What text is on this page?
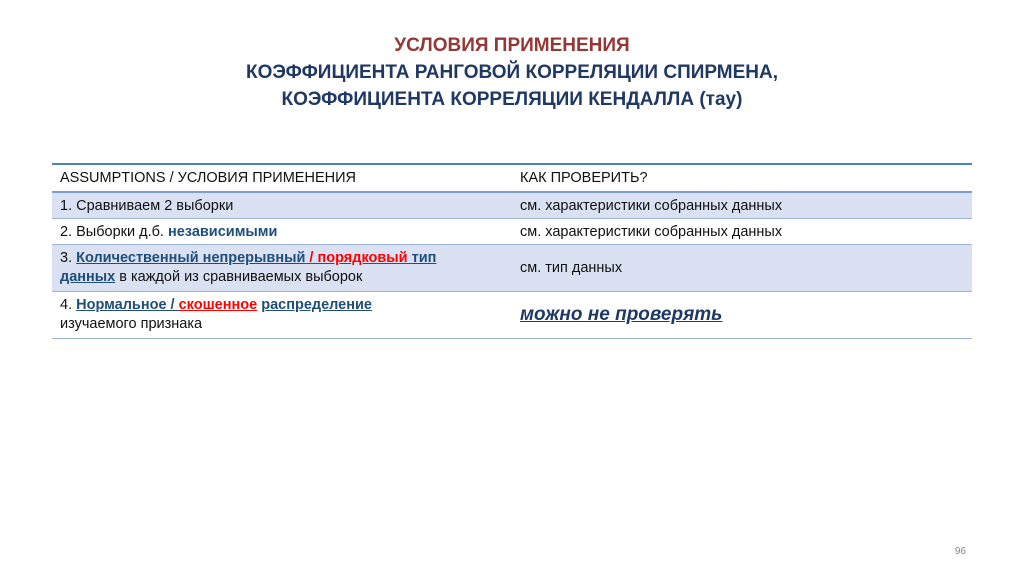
УСЛОВИЯ ПРИМЕНЕНИЯ
КОЭФФИЦИЕНТА РАНГОВОЙ КОРРЕЛЯЦИИ СПИРМЕНА,
КОЭФФИЦИЕНТА КОРРЕЛЯЦИИ КЕНДАЛЛА (тау)
ASSUMPTIONS / УСЛОВИЯ ПРИМЕНЕНИЯ	КАК ПРОВЕРИТЬ?
1. Сравниваем 2 выборки	см. характеристики собранных данных
2. Выборки д.б. независимыми	см. характеристики собранных данных
3. Количественный непрерывный / порядковый тип
данных в каждой из сравниваемых выборок	см. тип данных
4. Нормальное / скошенное распределение
изучаемого признака	можно не проверять
96
